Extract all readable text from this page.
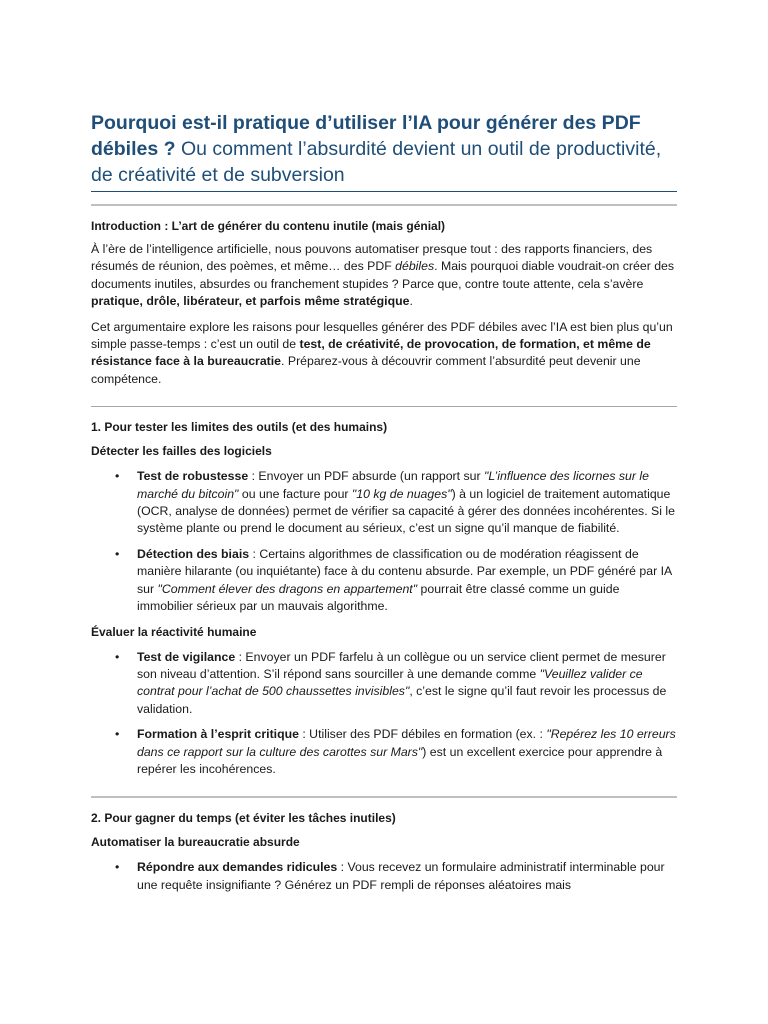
Pourquoi est-il pratique d’utiliser l’IA pour générer des PDF débiles ? Ou comment l’absurdité devient un outil de productivité, de créativité et de subversion
Introduction : L’art de générer du contenu inutile (mais génial)

À l’ère de l’intelligence artificielle, nous pouvons automatiser presque tout : des rapports financiers, des résumés de réunion, des poèmes, et même… des PDF débiles. Mais pourquoi diable voudrait-on créer des documents inutiles, absurdes ou franchement stupides ? Parce que, contre toute attente, cela s’avère pratique, drôle, libérateur, et parfois même stratégique.

Cet argumentaire explore les raisons pour lesquelles générer des PDF débiles avec l’IA est bien plus qu’un simple passe-temps : c’est un outil de test, de créativité, de provocation, de formation, et même de résistance face à la bureaucratie. Préparez-vous à découvrir comment l’absurdité peut devenir une compétence.

1. Pour tester les limites des outils (et des humains)
Détecter les failles des logiciels
• Test de robustesse : Envoyer un PDF absurde (un rapport sur "L’influence des licornes sur le marché du bitcoin" ou une facture pour "10 kg de nuages") à un logiciel de traitement automatique (OCR, analyse de données) permet de vérifier sa capacité à gérer des données incohérentes. Si le système plante ou prend le document au sérieux, c’est un signe qu’il manque de fiabilité.
• Détection des biais : Certains algorithmes de classification ou de modération réagissent de manière hilarante (ou inquiétante) face à du contenu absurde. Par exemple, un PDF généré par IA sur "Comment élever des dragons en appartement" pourrait être classé comme un guide immobilier sérieux par un mauvais algorithme.
Évaluer la réactivité humaine
• Test de vigilance : Envoyer un PDF farfelu à un collègue ou un service client permet de mesurer son niveau d’attention. S’il répond sans sourciller à une demande comme "Veuillez valider ce contrat pour l’achat de 500 chaussettes invisibles", c’est le signe qu’il faut revoir les processus de validation.
• Formation à l’esprit critique : Utiliser des PDF débiles en formation (ex. : "Repérez les 10 erreurs dans ce rapport sur la culture des carottes sur Mars") est un excellent exercice pour apprendre à repérer les incohérences.
2. Pour gagner du temps (et éviter les tâches inutiles)
Automatiser la bureaucratie absurde
• Répondre aux demandes ridicules : Vous recevez un formulaire administratif interminable pour une requête insignifiante ? Générez un PDF rempli de réponses aléatoires mais
